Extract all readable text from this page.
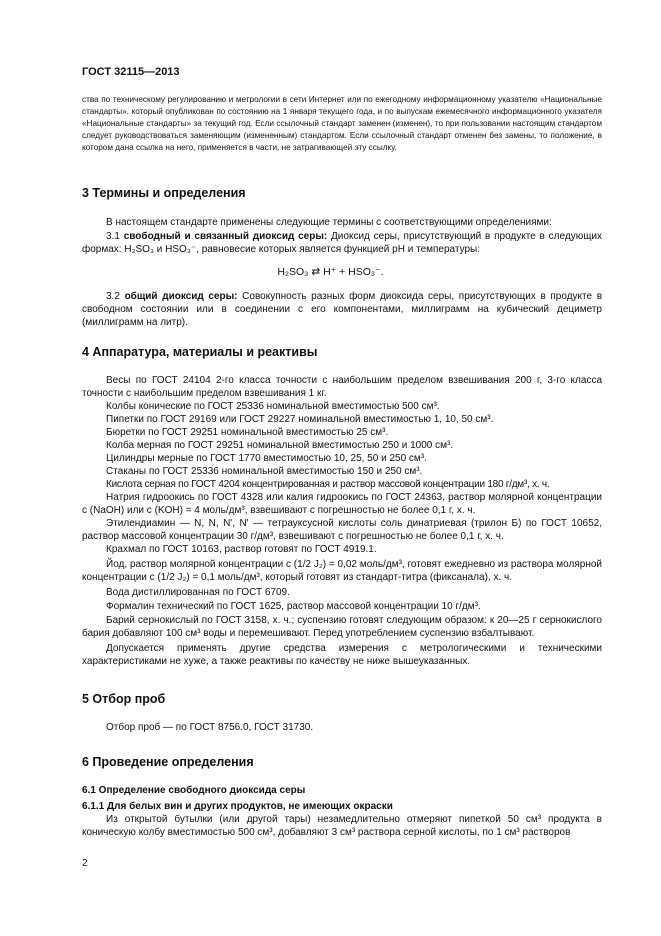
ГОСТ 32115—2013

ства по техническому регулированию и метрологии в сети Интернет или по ежегодному информационному указателю «Национальные стандарты», который опубликован по состоянию на 1 января текущего года, и по выпускам ежемесячного информационного указателя «Национальные стандарты» за текущий год. Если ссылочный стандарт заменен (изменен), то при пользовании настоящим стандартом следует руководствоваться заменяющим (измененным) стандартом. Если ссылочный стандарт отменен без замены, то положение, в котором дана ссылка на него, применяется в части, не затрагивающей эту ссылку.

3 Термины и определения
В настоящем стандарте применены следующие термины с соответствующими определениями:

3.1 свободный и связанный диоксид серы: Диоксид серы, присутствующий в продукте в следующих формах: H₂SO₃ и HSO₃⁻, равновесие которых является функцией pH и температуры:

H₂SO₃ ⇄ H⁺ + HSO₃⁻.

3.2 общий диоксид серы: Совокупность разных форм диоксида серы, присутствующих в продукте в свободном состоянии или в соединении с его компонентами, миллиграмм на кубический дециметр (миллиграмм на литр).

4 Аппаратура, материалы и реактивы

Весы по ГОСТ 24104 2-го класса точности с наибольшим пределом взвешивания 200 г, 3-го класса точности с наибольшим пределом взвешивания 1 кг.

Колбы конические по ГОСТ 25336 номинальной вместимостью 500 см³.
Пипетки по ГОСТ 29169 или ГОСТ 29227 номинальной вместимостью 1, 10, 50 см³.
Бюретки по ГОСТ 29251 номинальной вместимостью 25 см³.
Колба мерная по ГОСТ 29251 номинальной вместимостью 250 и 1000 см³.
Цилиндры мерные по ГОСТ 1770 вместимостью 10, 25, 50 и 250 см³.
Стаканы по ГОСТ 25336 номинальной вместимостью 150 и 250 см³.
Кислота серная по ГОСТ 4204 концентрированная и раствор массовой концентрации 180 г/дм³, х. ч.

Натрия гидроокись по ГОСТ 4328 или калия гидроокись по ГОСТ 24363, раствор молярной концентрации c (NaOH) или c (KOH) = 4 моль/дм³, взвешивают с погрешностью не более 0,1 г, х. ч.

Этилендиамин — N, N, N', N' — тетрауксусной кислоты соль динатриевая (трилон Б) по ГОСТ 10652, раствор массовой концентрации 30 г/дм³, взвешивают с погрешностью не более 0,1 г, х. ч.

Крахмал по ГОСТ 10163, раствор готовят по ГОСТ 4919.1.

Йод, раствор молярной концентрации c (1/2 J₂) = 0,02 моль/дм³, готовят ежедневно из раствора молярной концентрации c (1/2 J₂) = 0,1 моль/дм³, который готовят из стандарт-титра (фиксанала), х. ч.

Вода дистиллированная по ГОСТ 6709.
Формалин технический по ГОСТ 1625, раствор массовой концентрации 10 г/дм³.

Барий сернокислый по ГОСТ 3158, х. ч.; суспензию готовят следующим образом: к 20—25 г сернокислого бария добавляют 100 см³ воды и перемешивают. Перед употреблением суспензию взбалтывают.

Допускается применять другие средства измерения с метрологическими и техническими характеристиками не хуже, а также реактивы по качеству не ниже вышеуказанных.

5 Отбор проб
Отбор проб — по ГОСТ 8756.0, ГОСТ 31730.
6 Проведение определения
6.1 Определение свободного диоксида серы
6.1.1 Для белых вин и других продуктов, не имеющих окраски

Из открытой бутылки (или другой тары) незамедлительно отмеряют пипеткой 50 см³ продукта в коническую колбу вместимостью 500 см³, добавляют 3 см³ раствора серной кислоты, по 1 см³ растворов

2
